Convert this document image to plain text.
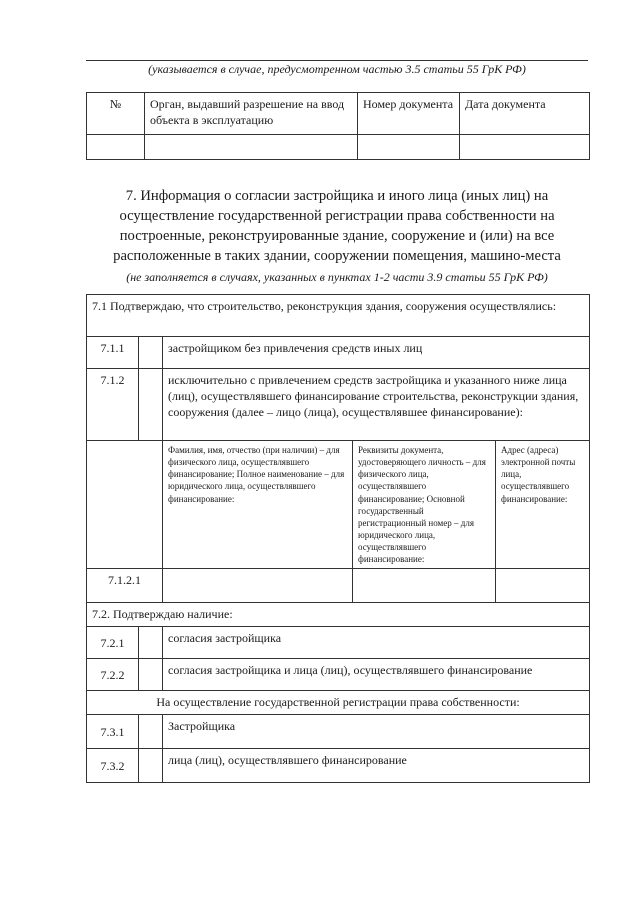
(указывается в случае, предусмотренном частью 3.5 статьи 55 ГрК РФ)
№	Орган, выдавший разрешение на ввод объекта в эксплуатацию	Номер документа	Дата документа

7. Информация о согласии застройщика и иного лица (иных лиц) на осуществление государственной регистрации права собственности на построенные, реконструированные здание, сооружение и (или) на все расположенные в таких здании, сооружении помещения, машино-места
(не заполняется в случаях, указанных в пунктах 1-2 части 3.9 статьи 55 ГрК РФ)
7.1 Подтверждаю, что строительство, реконструкция здания, сооружения осуществлялись:				
7.1.1		застройщиком без привлечения средств иных лиц		
7.1.2		исключительно с привлечением средств застройщика и указанного ниже лица (лиц), осуществлявшего финансирование строительства, реконструкции здания, сооружения (далее – лицо (лица), осуществлявшее финансирование):		
		Фамилия, имя, отчество (при наличии) – для физического лица, осуществлявшего финансирование; Полное наименование – для юридического лица, осуществлявшего финансирование:	Реквизиты документа, удостоверяющего личность – для физического лица, осуществлявшего финансирование; Основной государственный регистрационный номер – для юридического лица, осуществлявшего финансирование:	Адрес (адреса) электронной почты лица, осуществлявшего финансирование:
7.1.2.1				
7.2. Подтверждаю наличие:				
7.2.1		согласия застройщика		
7.2.2		согласия застройщика и лица (лиц), осуществлявшего финансирование		
На осуществление государственной регистрации права собственности:				
7.3.1		Застройщика		
7.3.2		лица (лиц), осуществлявшего финансирование		
